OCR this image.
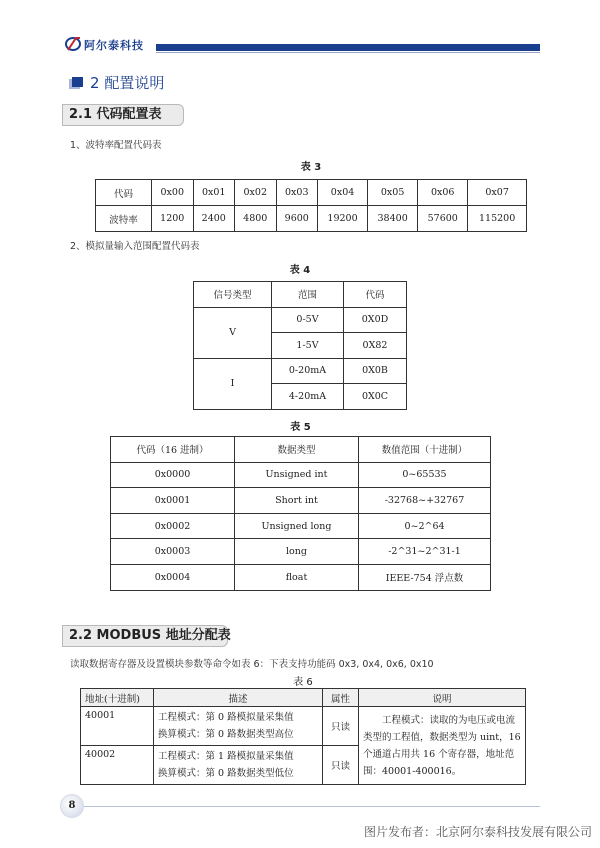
阿尔泰科技
2 配置说明
2.1 代码配置表
1、波特率配置代码表
表 3
代码	0x00	0x01	0x02	0x03	0x04	0x05	0x06	0x07
波特率	1200	2400	4800	9600	19200	38400	57600	115200
2、模拟量输入范围配置代码表
表 4
信号类型	范围	代码
V	0-5V	0X0D
	1-5V	0X82
I	0-20mA	0X0B
	4-20mA	0X0C
表 5
代码（16 进制）	数据类型	数值范围（十进制）
0x0000	Unsigned int	0~65535
0x0001	Short int	-32768~+32767
0x0002	Unsigned long	0~2^64
0x0003	long	-2^31~2^31-1
0x0004	float	IEEE-754 浮点数
2.2 MODBUS 地址分配表
读取数据寄存器及设置模块参数等命令如表 6：下表支持功能码 0x3, 0x4, 0x6, 0x10
表 6
地址(十进制)	描述	属性	说明
40001	工程模式：第 0 路模拟量采集值
换算模式：第 0 路数据类型高位	只读	工程模式：读取的为电压或电流类型的工程值，数据类型为 uint，16 个通道占用共 16 个寄存器，地址范围：40001-400016。
40002	工程模式：第 1 路模拟量采集值
换算模式：第 0 路数据类型低位	只读	
8
图片发布者：北京阿尔泰科技发展有限公司
